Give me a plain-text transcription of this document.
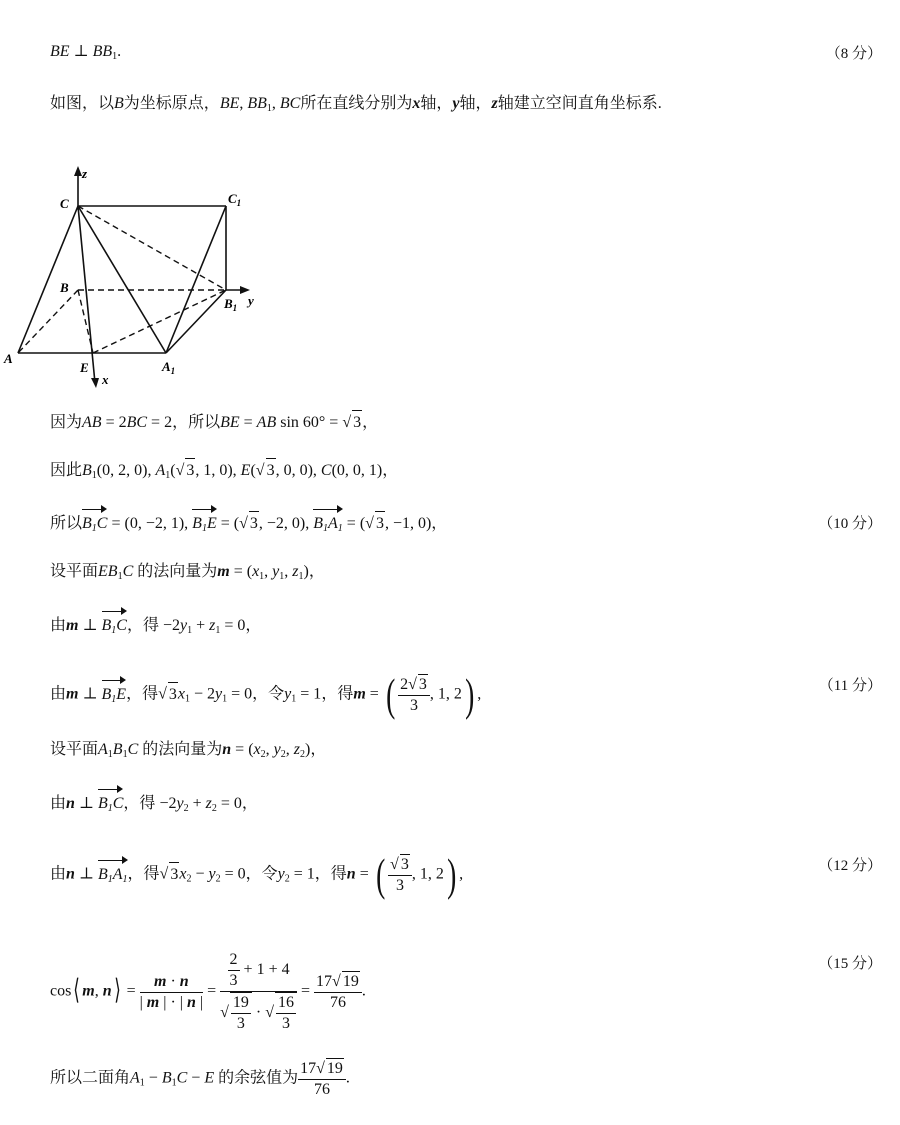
BE ⊥ $BB_1$.	（8 分）
如图，以B为坐标原点，BE, $BB_1$, BC所在直线分别为x轴，y轴，z轴建立空间直角坐标系.
z
C	$C_1$
B
$B_1$ y
A
E	$A_1$
x
因为AB = 2BC = 2，所以BE = AB sin 60° = √ 3，
因此$B_1(0$, 2, 0), $A_1(√$ 3, 1, 0), E(√ 3, 0, 0), C(0, 0, 1)，
所以$B_1C = (0$, −2, 1), $B_1E$ = (√ 3, −2, 0), $B_1A_1$ = (√ 3, −1, 0)，	（10 分）
设平面$EB_1C$ 的法向量为$m = (x_1$, $y_1$, $z_1$)，
由m ⊥ $B_1C$，得 $-2y_1 + z_1 = 0$，
由m ⊥ $B_1E$，得√ $3x_1 - 2y_1 = 0$，令$y_1 = 1$，得m = ( $\frac{2√ 3}{3}$ , 1, 2) ,	（11 分）
设平面$A_1B_1C$ 的法向量为$n = (x_2$, $y_2$, $z_2$)，
由n ⊥ $B_1C$，得 $-2y_2 + z_2 = 0$，
由n ⊥ $B_1A_1$，得√ $3x_2 - y_2 = 0$，令$y_2 = 1$，得n = ( $\frac{√ 3}{3}$ , 1, 2) ,	（12 分）
cos⟨ m, n⟩ = $\frac{m \cdot n}{| m | \cdot | n |} = \frac{\frac{2}{3} + 1 + 4}{√ \frac{19}{3} \cdot √ \frac{16}{3}} = \frac{17√ 19}{76}$ .
（15 分）
所以二面角$A_1 - B_1C - E$ 的余弦值为 $\frac{17√ 19}{76}$ .
